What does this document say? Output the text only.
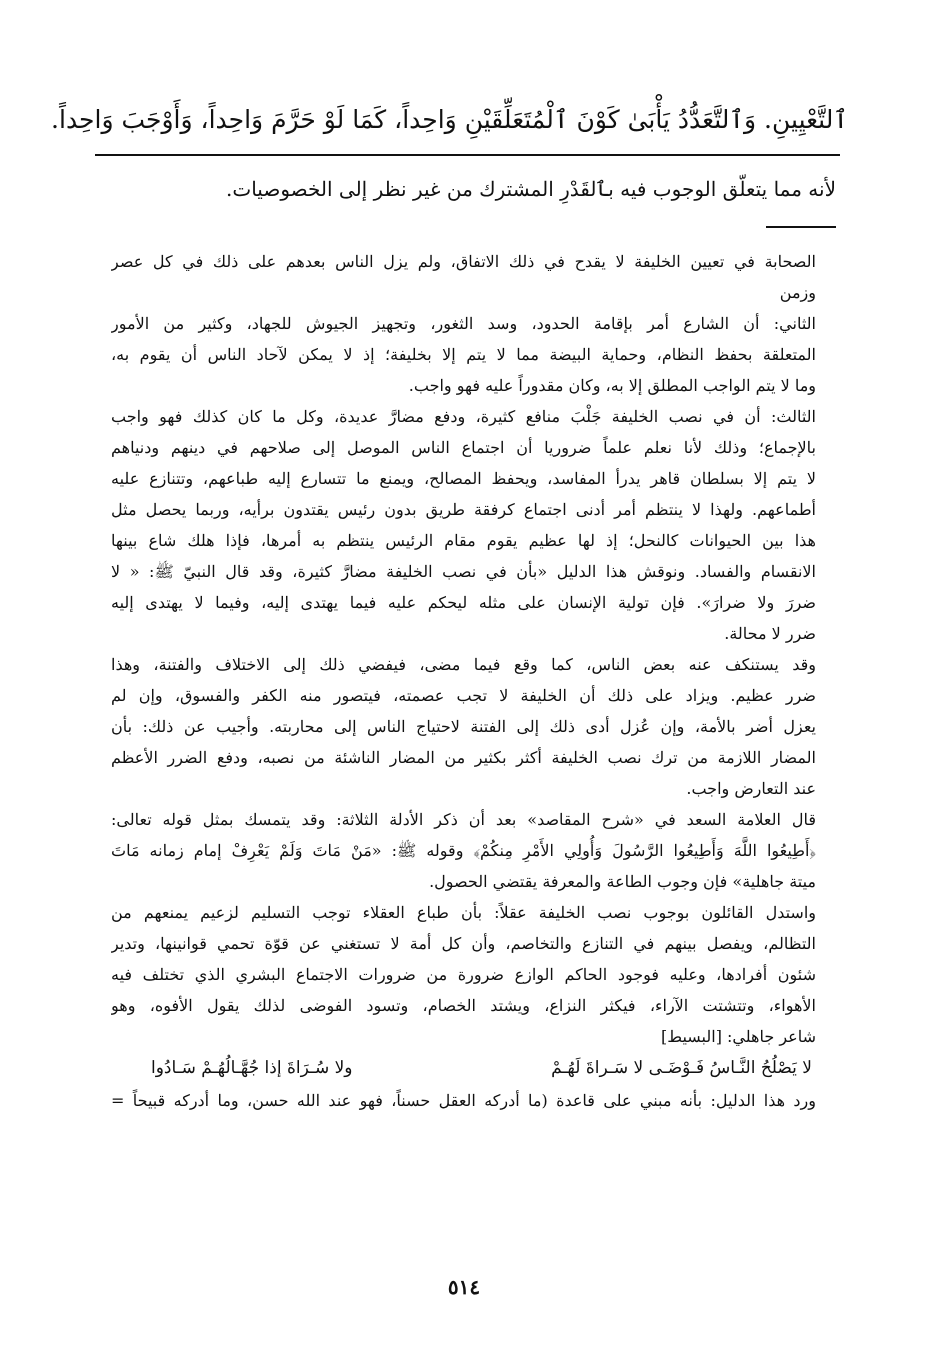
ٱلتَّعْيِينِ. وَٱلتَّعَدُّدُ يَأْبَىٰ كَوْنَ ٱلْمُتَعَلِّقَيْنِ وَاحِداً، كَمَا لَوْ حَرَّمَ وَاحِداً، وَأَوْجَبَ وَاحِداً.
لأنه مما يتعلّق الوجوب فيه بٱلقَدْرِ المشترك من غير نظر إلى الخصوصيات.
الصحابة في تعيين الخليفة لا يقدح في ذلك الاتفاق، ولم يزل الناس بعدهم على ذلك في كل عصر
وزمن
الثاني: أن الشارع أمر بإقامة الحدود، وسد الثغور، وتجهيز الجيوش للجهاد، وكثير من الأمور
المتعلقة بحفظ النظام، وحماية البيضة مما لا يتم إلا بخليفة؛ إذ لا يمكن لآحاد الناس أن يقوم به،
وما لا يتم الواجب المطلق إلا به، وكان مقدوراً عليه فهو واجب.
الثالث: أن في نصب الخليفة جَلْبَ منافع كثيرة، ودفع مضارَّ عديدة، وكل ما كان كذلك فهو واجب
بالإجماع؛ وذلك لأنا نعلم علماً ضروريا أن اجتماع الناس الموصل إلى صلاحهم في دينهم ودنياهم
لا يتم إلا بسلطان قاهر يدرأ المفاسد، ويحفظ المصالح، ويمنع ما تتسارع إليه طباعهم، وتتنازع عليه
أطماعهم. ولهذا لا ينتظم أمر أدنى اجتماع كرفقة طريق بدون رئيس يقتدون برأيه، وربما يحصل مثل
هذا بين الحيوانات كالنحل؛ إذ لها عظيم يقوم مقام الرئيس ينتظم به أمرها، فإذا هلك شاع بينها
الانقسام والفساد. ونوقش هذا الدليل «بأن في نصب الخليفة مضارَّ كثيرة، وقد قال النبيّ ﷺ: « لا
ضررَ ولا ضرارَ». فإن تولية الإنسان على مثله ليحكم عليه فيما يهتدى إليه، وفيما لا يهتدى إليه
ضرر لا محالة.
وقد يستنكف عنه بعض الناس، كما وقع فيما مضى، فيفضي ذلك إلى الاختلاف والفتنة، وهذا
ضرر عظيم. ويزاد على ذلك أن الخليفة لا تجب عصمته، فيتصور منه الكفر والفسوق، وإن لم
يعزل أضر بالأمة، وإن عُزل أدى ذلك إلى الفتنة لاحتياج الناس إلى محاربته. وأجيب عن ذلك: بأن
المضار اللازمة من ترك نصب الخليفة أكثر بكثير من المضار الناشئة من نصبه، ودفع الضرر الأعظم
عند التعارض واجب.
قال العلامة السعد في «شرح المقاصد» بعد أن ذكر الأدلة الثلاثة: وقد يتمسك بمثل قوله تعالى:
﴿أَطِيعُوا اللَّهَ وَأَطِيعُوا الرَّسُولَ وَأُولِي الأَمْرِ مِنكُمْ﴾ وقوله ﷺ: «مَنْ مَاتَ وَلَمْ يَعْرِفْ إمام زمانه مَاتَ
ميتة جاهلية» فإن وجوب الطاعة والمعرفة يقتضي الحصول.
واستدل القائلون بوجوب نصب الخليفة عقلاً: بأن طباع العقلاء توجب التسليم لزعيم يمنعهم من
التظالم، ويفصل بينهم في التنازع والتخاصم، وأن كل أمة لا تستغني عن قوّة تحمي قوانينها، وتدير
شئون أفرادها، وعليه فوجود الحاكم الوازع ضرورة من ضرورات الاجتماع البشري الذي تختلف فيه
الأهواء، وتتشتت الآراء، فيكثر النزاع، ويشتد الخصام، وتسود الفوضى لذلك يقول الأفوه، وهو
شاعر جاهلي: [البسيط]
لا يَصْلُحُ النَّـاسُ فَـوْضَـى لا سَـراةَ لَهُـمْ
ولا سُـرَاةَ إذا جُهَّـالُهُـمْ سَـادُوا
ورد هذا الدليل: بأنه مبني على قاعدة (ما أدركه العقل حسناً، فهو عند الله حسن، وما أدركه قبيحاً =
٥١٤
